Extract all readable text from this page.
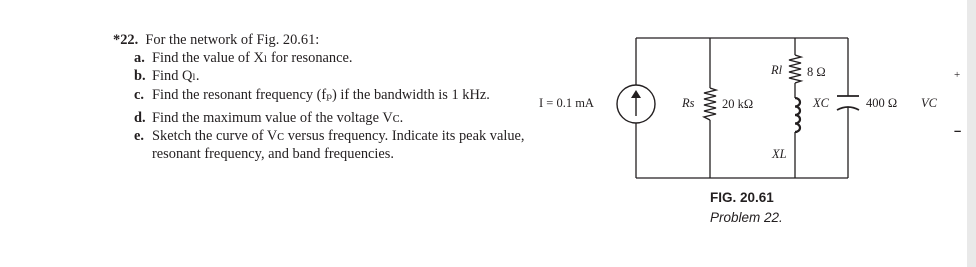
*22. For the network of Fig. 20.61:
a. Find the value of Xₗ for resonance.
b. Find Qₗ.
c. Find the resonant frequency (fₚ) if the bandwidth is 1 kHz.
d. Find the maximum value of the voltage Vᴄ.
e. Sketch the curve of Vᴄ versus frequency. Indicate its peak value, resonant frequency, and band frequencies.
I = 0.1 mA	Rs 20 kΩ
Rl 8 Ω
XL
XC	400 Ω
+
VC
–
FIG. 20.61
Problem 22.
